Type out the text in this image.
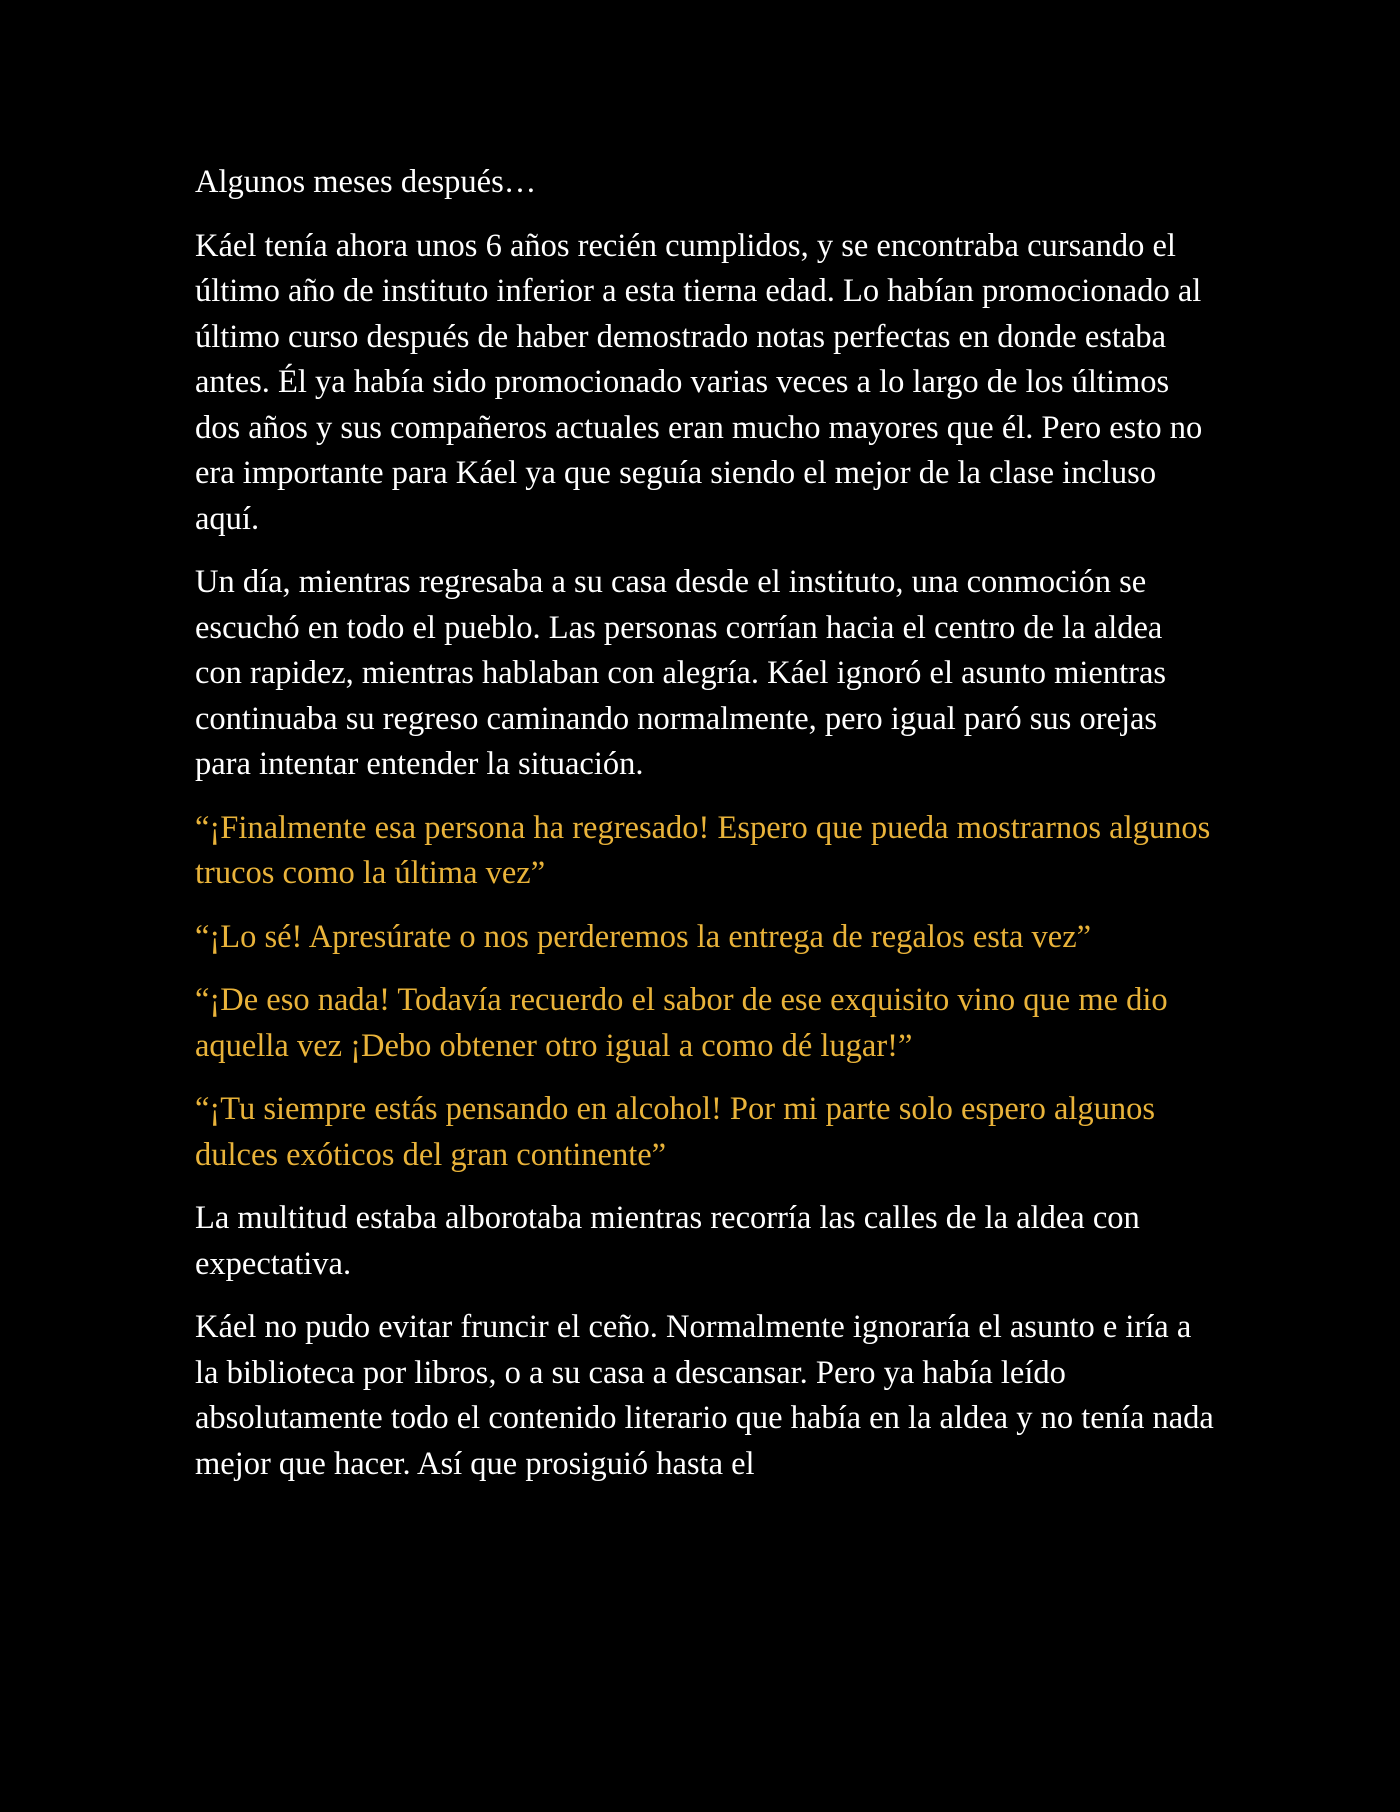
Algunos meses después…

Káel tenía ahora unos 6 años recién cumplidos, y se encontraba cursando el último año de instituto inferior a esta tierna edad. Lo habían promocionado al último curso después de haber demostrado notas perfectas en donde estaba antes. Él ya había sido promocionado varias veces a lo largo de los últimos dos años y sus compañeros actuales eran mucho mayores que él. Pero esto no era importante para Káel ya que seguía siendo el mejor de la clase incluso aquí.

Un día, mientras regresaba a su casa desde el instituto, una conmoción se escuchó en todo el pueblo. Las personas corrían hacia el centro de la aldea con rapidez, mientras hablaban con alegría. Káel ignoró el asunto mientras continuaba su regreso caminando normalmente, pero igual paró sus orejas para intentar entender la situación.

“¡Finalmente esa persona ha regresado! Espero que pueda mostrarnos algunos trucos como la última vez”

“¡Lo sé! Apresúrate o nos perderemos la entrega de regalos esta vez”

“¡De eso nada! Todavía recuerdo el sabor de ese exquisito vino que me dio aquella vez ¡Debo obtener otro igual a como dé lugar!”

“¡Tu siempre estás pensando en alcohol! Por mi parte solo espero algunos dulces exóticos del gran continente”

La multitud estaba alborotaba mientras recorría las calles de la aldea con expectativa.

Káel no pudo evitar fruncir el ceño. Normalmente ignoraría el asunto e iría a la biblioteca por libros, o a su casa a descansar. Pero ya había leído absolutamente todo el contenido literario que había en la aldea y no tenía nada mejor que hacer. Así que prosiguió hasta el
